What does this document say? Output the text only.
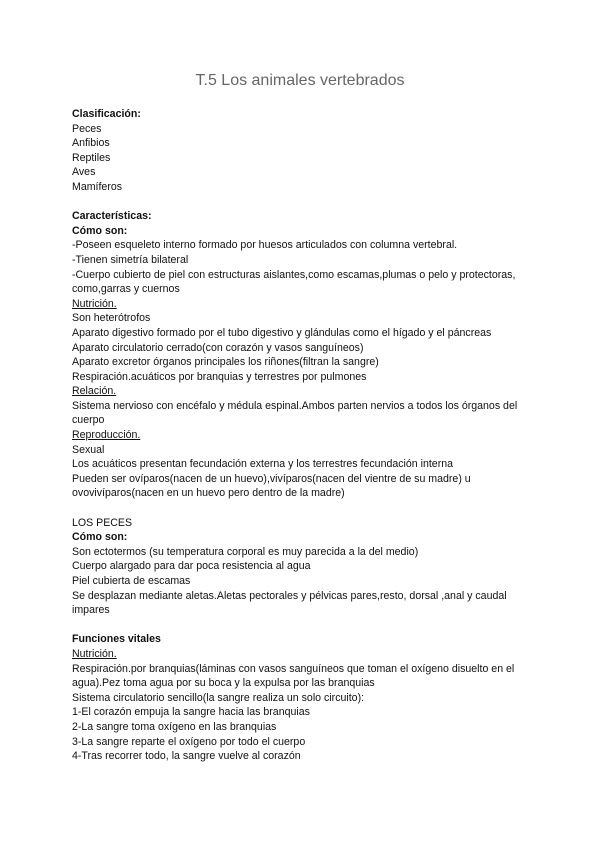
T.5 Los animales vertebrados
Clasificación:
Peces
Anfibios
Reptiles
Aves
Mamíferos
Características:
Cómo son:
-Poseen esqueleto interno formado por huesos articulados con columna vertebral.
-Tienen simetría bilateral
-Cuerpo cubierto de piel con estructuras aislantes,como escamas,plumas o pelo y protectoras, como,garras y cuernos
Nutrición.
Son heterótrofos
Aparato digestivo formado por el tubo digestivo y glándulas como el hígado y el páncreas
Aparato circulatorio cerrado(con corazón y vasos sanguíneos)
Aparato excretor órganos principales los riñones(filtran la sangre)
Respiración.acuáticos por branquias y terrestres por pulmones
Relación.
Sistema nervioso con encéfalo y médula espinal.Ambos parten nervios a todos los órganos del cuerpo
Reproducción.
Sexual
Los acuáticos presentan fecundación externa y los terrestres fecundación interna
Pueden ser ovíparos(nacen de un huevo),vivíparos(nacen del vientre de su madre) u ovovivíparos(nacen en un huevo pero dentro de la madre)
LOS PECES
Cómo son:
Son ectotermos (su temperatura corporal es muy parecida a la del medio)
Cuerpo alargado para dar poca resistencia al agua
Piel cubierta de escamas
Se desplazan mediante aletas.Aletas pectorales y pélvicas pares,resto, dorsal ,anal y caudal impares
Funciones vitales
Nutrición.
Respiración.por branquias(láminas con vasos sanguíneos que toman el oxígeno disuelto en el agua).Pez toma agua por su boca y la expulsa por las branquias
Sistema circulatorio sencillo(la sangre realiza un solo circuito):
1-El corazón empuja la sangre hacia las branquias
2-La sangre toma oxígeno en las branquias
3-La sangre reparte el oxígeno por todo el cuerpo
4-Tras recorrer todo, la sangre vuelve al corazón
